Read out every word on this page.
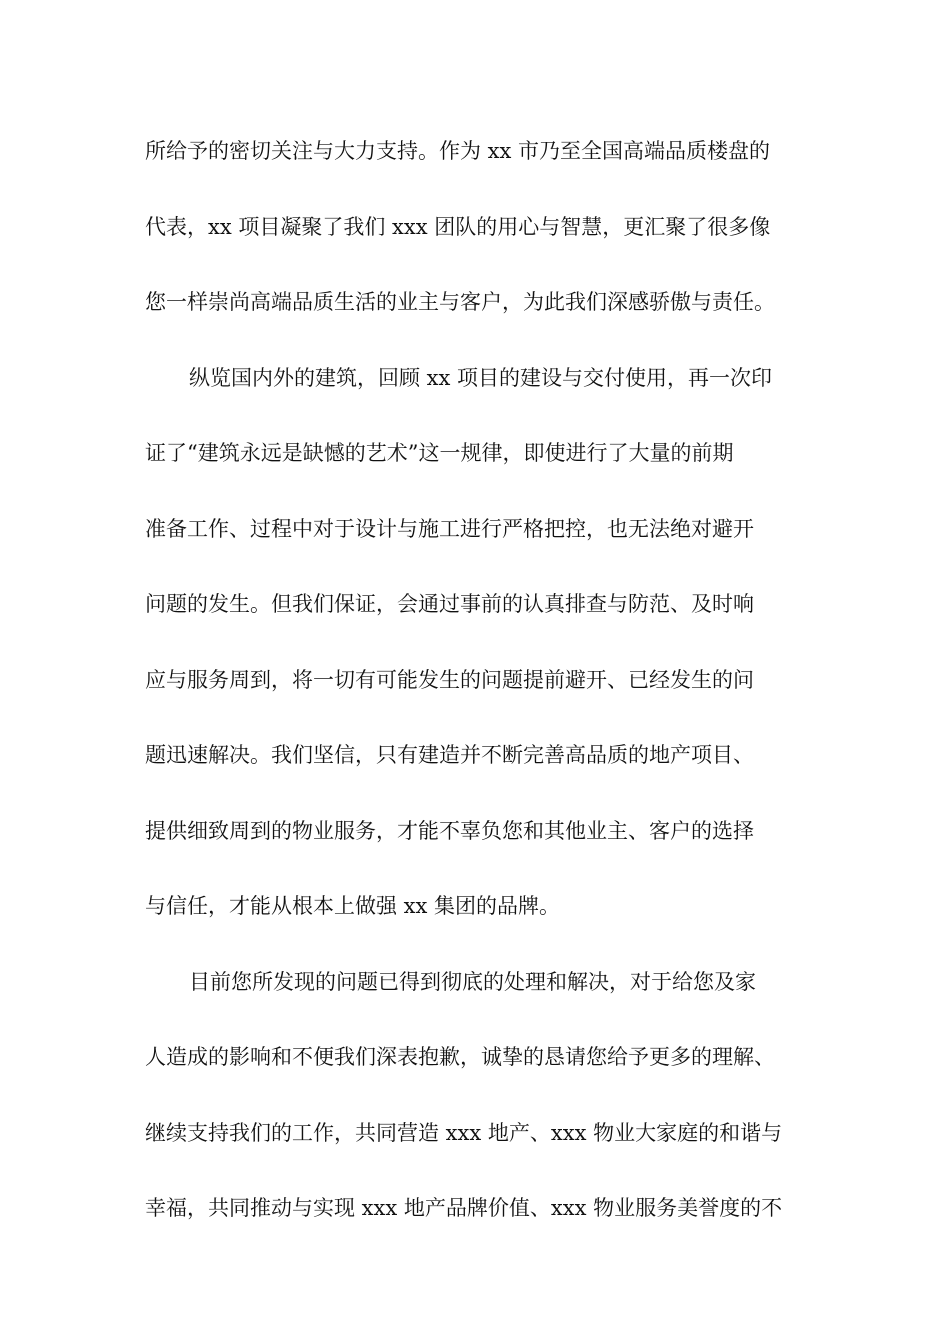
所给予的密切关注与大力支持。作为 xx 市乃至全国高端品质楼盘的
代表，xx 项目凝聚了我们 xxx 团队的用心与智慧，更汇聚了很多像
您一样崇尚高端品质生活的业主与客户，为此我们深感骄傲与责任。
纵览国内外的建筑，回顾 xx 项目的建设与交付使用，再一次印
证了“建筑永远是缺憾的艺术”这一规律，即使进行了大量的前期
准备工作、过程中对于设计与施工进行严格把控，也无法绝对避开
问题的发生。但我们保证，会通过事前的认真排查与防范、及时响
应与服务周到，将一切有可能发生的问题提前避开、已经发生的问
题迅速解决。我们坚信，只有建造并不断完善高品质的地产项目、
提供细致周到的物业服务，才能不辜负您和其他业主、客户的选择
与信任，才能从根本上做强 xx 集团的品牌。
目前您所发现的问题已得到彻底的处理和解决，对于给您及家
人造成的影响和不便我们深表抱歉，诚挚的恳请您给予更多的理解、
继续支持我们的工作，共同营造 xxx 地产、xxx 物业大家庭的和谐与
幸福，共同推动与实现 xxx 地产品牌价值、xxx 物业服务美誉度的不
